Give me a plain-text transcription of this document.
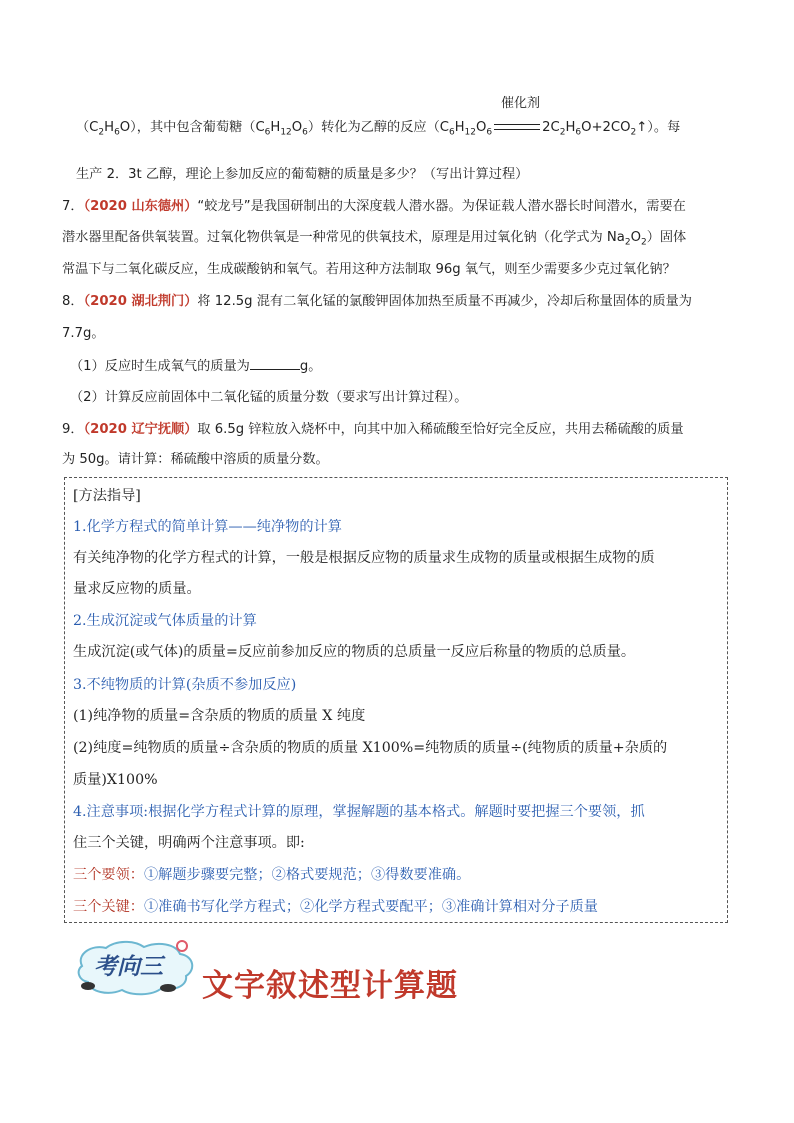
$(C_2H_6O)$，其中包含葡萄糖$(C_6H_{12}O_6)$转化为乙醇的反应（$C_6H_{12}O_6$
催化剂
$2C_2H_6O+2CO_2↑$）。每
生产 2．3t 乙醇，理论上参加反应的葡萄糖的质量是多少？（写出计算过程）
7．（2020 山东德州）“蛟龙号”是我国研制出的大深度载人潜水器。为保证载人潜水器长时间潜水，需要在
潜水器里配备供氧装置。过氧化物供氧是一种常见的供氧技术，原理是用过氧化钠（化学式为 $Na_2O_2$）固体
常温下与二氧化碳反应，生成碳酸钠和氧气。若用这种方法制取 96g 氧气，则至少需要多少克过氧化钠？
8．（2020 湖北荆门）将 12.5g 混有二氧化锰的氯酸钾固体加热至质量不再减少，冷却后称量固体的质量为
7.7g。
（1）反应时生成氧气的质量为	g。
（2）计算反应前固体中二氧化锰的质量分数（要求写出计算过程）。
9．（2020 辽宁抚顺）取 6.5g 锌粒放入烧杯中，向其中加入稀硫酸至恰好完全反应，共用去稀硫酸的质量
为 50g。请计算：稀硫酸中溶质的质量分数。
[方法指导]
1.化学方程式的简单计算——纯净物的计算
有关纯净物的化学方程式的计算，一般是根据反应物的质量求生成物的质量或根据生成物的质
量求反应物的质量。
2.生成沉淀或气体质量的计算
生成沉淀(或气体)的质量=反应前参加反应的物质的总质量一反应后称量的物质的总质量。
3.不纯物质的计算(杂质不参加反应)
(1)纯净物的质量=含杂质的物质的质量 X 纯度
(2)纯度=纯物质的质量÷含杂质的物质的质量 X100%=纯物质的质量÷(纯物质的质量+杂质的
质量)X100%
4.注意事项:根据化学方程式计算的原理，掌握解题的基本格式。解题时要把握三个要领，抓
住三个关键，明确两个注意事项。即:
三个要领：①解题步骤要完整；②格式要规范；③得数要准确。
三个关键：①准确书写化学方程式；②化学方程式要配平；③准确计算相对分子质量
考向三
文字叙述型计算题
